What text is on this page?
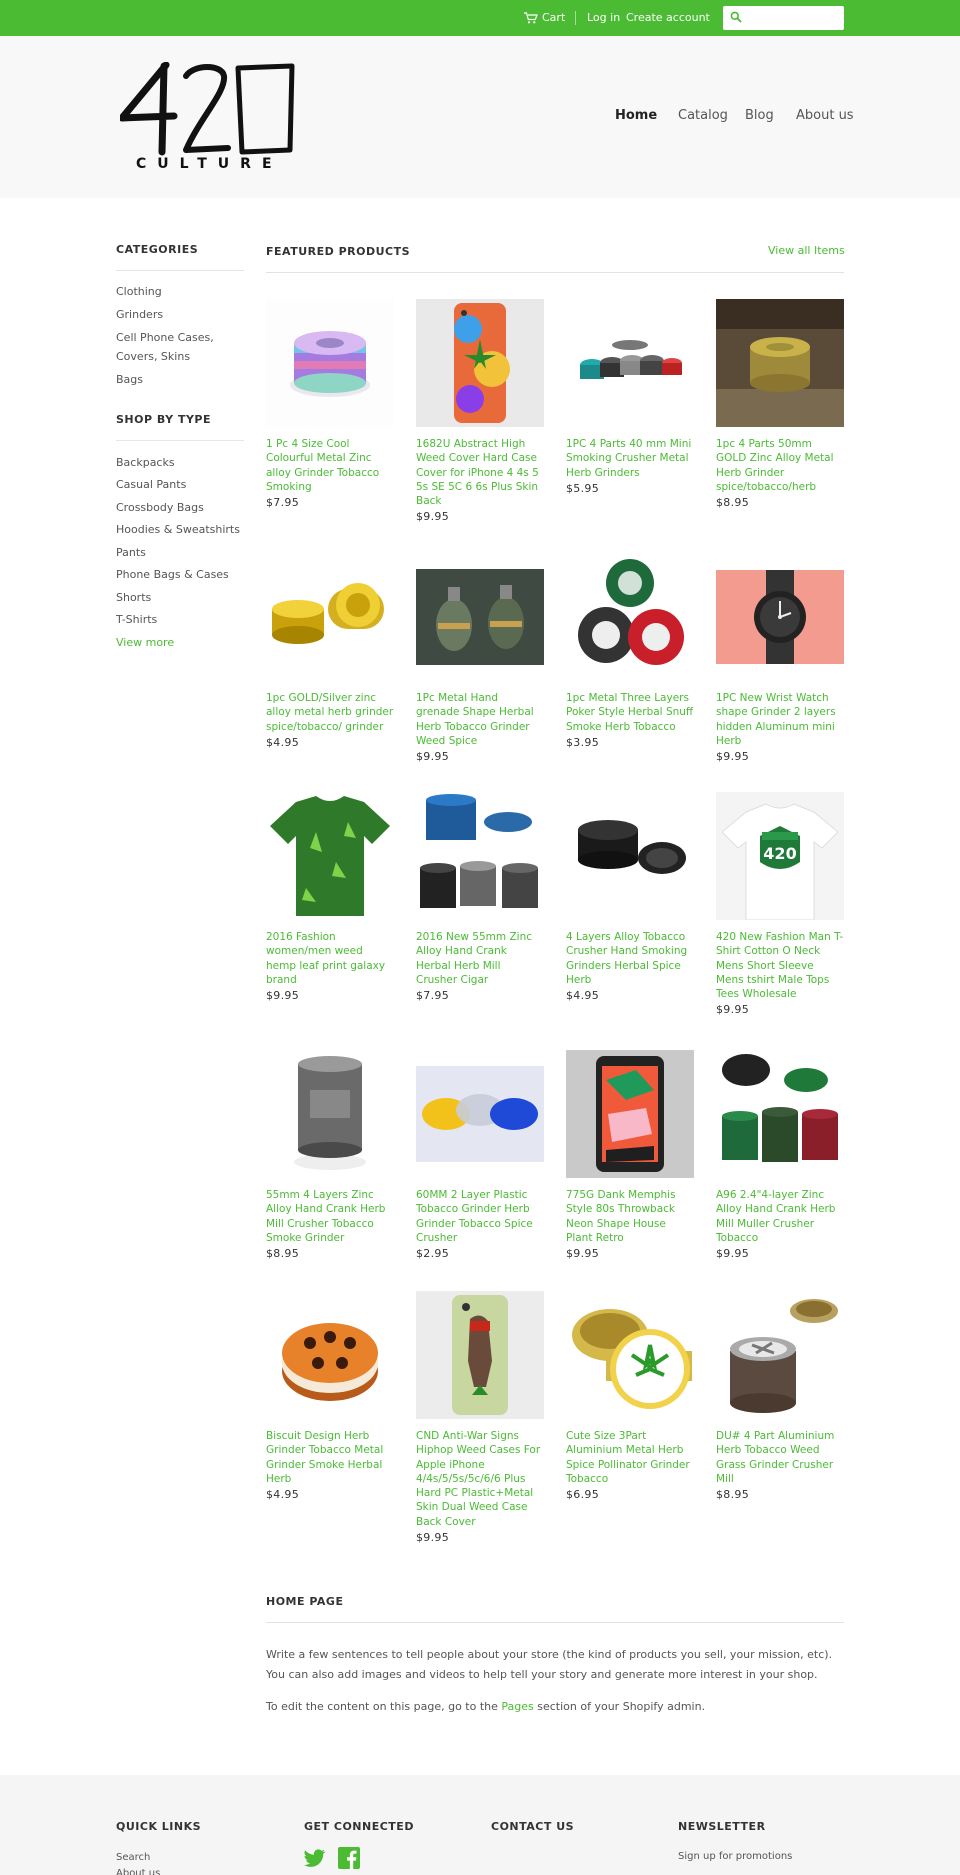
Cart Log in Create account
CULTURE
Home Catalog Blog About us
CATEGORIES
Clothing
Grinders
Cell Phone Cases,
Covers, Skins
Bags
SHOP BY TYPE
Backpacks
Casual Pants
Crossbody Bags
Hoodies & Sweatshirts
Pants
Phone Bags & Cases
Shorts
T-Shirts
View more
FEATURED PRODUCTS	View all Items
1 Pc 4 Size Cool Colourful Metal Zinc alloy Grinder Tobacco Smoking
$7.95
1682U Abstract High Weed Cover Hard Case Cover for iPhone 4 4s 5 5s SE 5C 6 6s Plus Skin Back
$9.95
1PC 4 Parts 40 mm Mini Smoking Crusher Metal Herb Grinders
$5.95
1pc 4 Parts 50mm GOLD Zinc Alloy Metal Herb Grinder spice/tobacco/herb
$8.95
1pc GOLD/Silver zinc alloy metal herb grinder spice/tobacco/ grinder
$4.95
1Pc Metal Hand grenade Shape Herbal Herb Tobacco Grinder Weed Spice
$9.95
1pc Metal Three Layers Poker Style Herbal Snuff Smoke Herb Tobacco
$3.95
1PC New Wrist Watch shape Grinder 2 layers hidden Aluminum mini Herb
$9.95
2016 Fashion women/men weed hemp leaf print galaxy brand
$9.95
2016 New 55mm Zinc Alloy Hand Crank Herbal Herb Mill Crusher Cigar
$7.95
4 Layers Alloy Tobacco Crusher Hand Smoking Grinders Herbal Spice Herb
$4.95
420
420 New Fashion Man T-Shirt Cotton O Neck Mens Short Sleeve Mens tshirt Male Tops Tees Wholesale
$9.95
55mm 4 Layers Zinc Alloy Hand Crank Herb Mill Crusher Tobacco Smoke Grinder
$8.95
60MM 2 Layer Plastic Tobacco Grinder Herb Grinder Tobacco Spice Crusher
$2.95
775G Dank Memphis Style 80s Throwback Neon Shape House Plant Retro
$9.95
A96 2.4"4-layer Zinc Alloy Hand Crank Herb Mill Muller Crusher Tobacco
$9.95
Biscuit Design Herb Grinder Tobacco Metal Grinder Smoke Herbal Herb
$4.95
CND Anti-War Signs Hiphop Weed Cases For Apple iPhone 4/4s/5/5s/5c/6/6 Plus Hard PC Plastic+Metal Skin Dual Weed Case Back Cover
$9.95
Cute Size 3Part Aluminium Metal Herb Spice Pollinator Grinder Tobacco
$6.95
DU# 4 Part Aluminium Herb Tobacco Weed Grass Grinder Crusher Mill
$8.95
HOME PAGE

Write a few sentences to tell people about your store (the kind of products you sell, your mission, etc). You can also add images and videos to help tell your story and generate more interest in your shop.

To edit the content on this page, go to the Pages section of your Shopify admin.

QUICK LINKS
Search
About us
GET CONNECTED	CONTACT US	NEWSLETTER
Sign up for promotions
